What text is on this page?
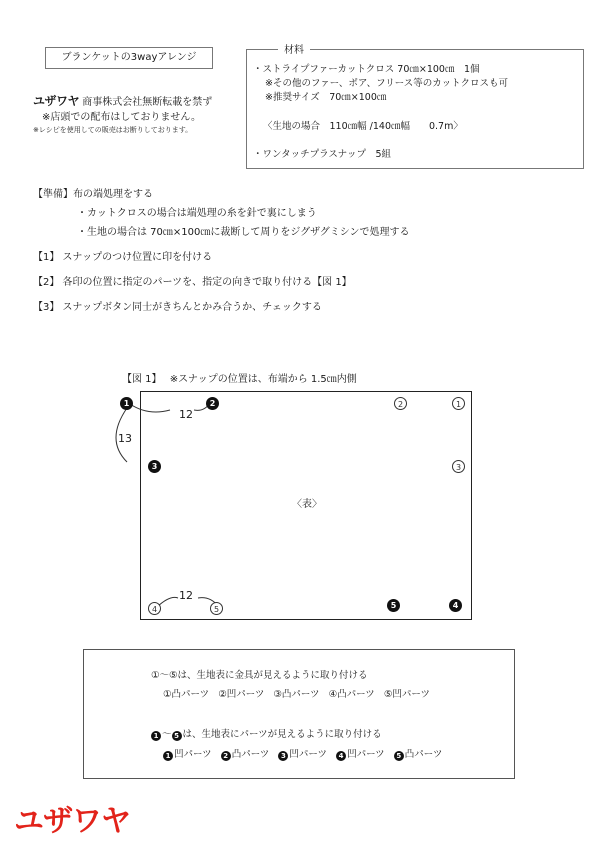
ブランケットの3wayアレンジ
ユザワヤ 商事株式会社無断転載を禁ず
※店頭での配布はしておりません。
※レシピを使用しての販売はお断りしております。
材料
・ストライプファーカットクロス 70㎝×100㎝　1個
※その他のファー、ボア、フリース等のカットクロスも可
※推奨サイズ　70㎝×100㎝
〈生地の場合　110㎝幅 /140㎝幅　　0.7m〉
・ワンタッチプラスナップ　5組
【準備】布の端処理をする
・カットクロスの場合は端処理の糸を針で裏にしまう
・生地の場合は 70㎝×100㎝に裁断して周りをジグザグミシンで処理する
【1】 スナップのつけ位置に印を付ける
【2】 各印の位置に指定のパーツを、指定の向きで取り付ける【図 1】
【3】 スナップボタン同士がきちんとかみ合うか、チェックする
【図 1】　 ※スナップの位置は、布端から 1.5㎝内側
12
13
12
1	2
3
4
5
1
2
3
4	5
〈表〉
①〜⑤は、生地表に金具が見えるように取り付ける
①凸パーツ ②凹パーツ ③凸パーツ ④凸パーツ ⑤凹パーツ
1 〜 5 は、生地表にパーツが見えるように取り付ける
1 凹パーツ 2 凸パーツ 3 凹パーツ 4 凹パーツ 5 凸パーツ
ユザワヤ
